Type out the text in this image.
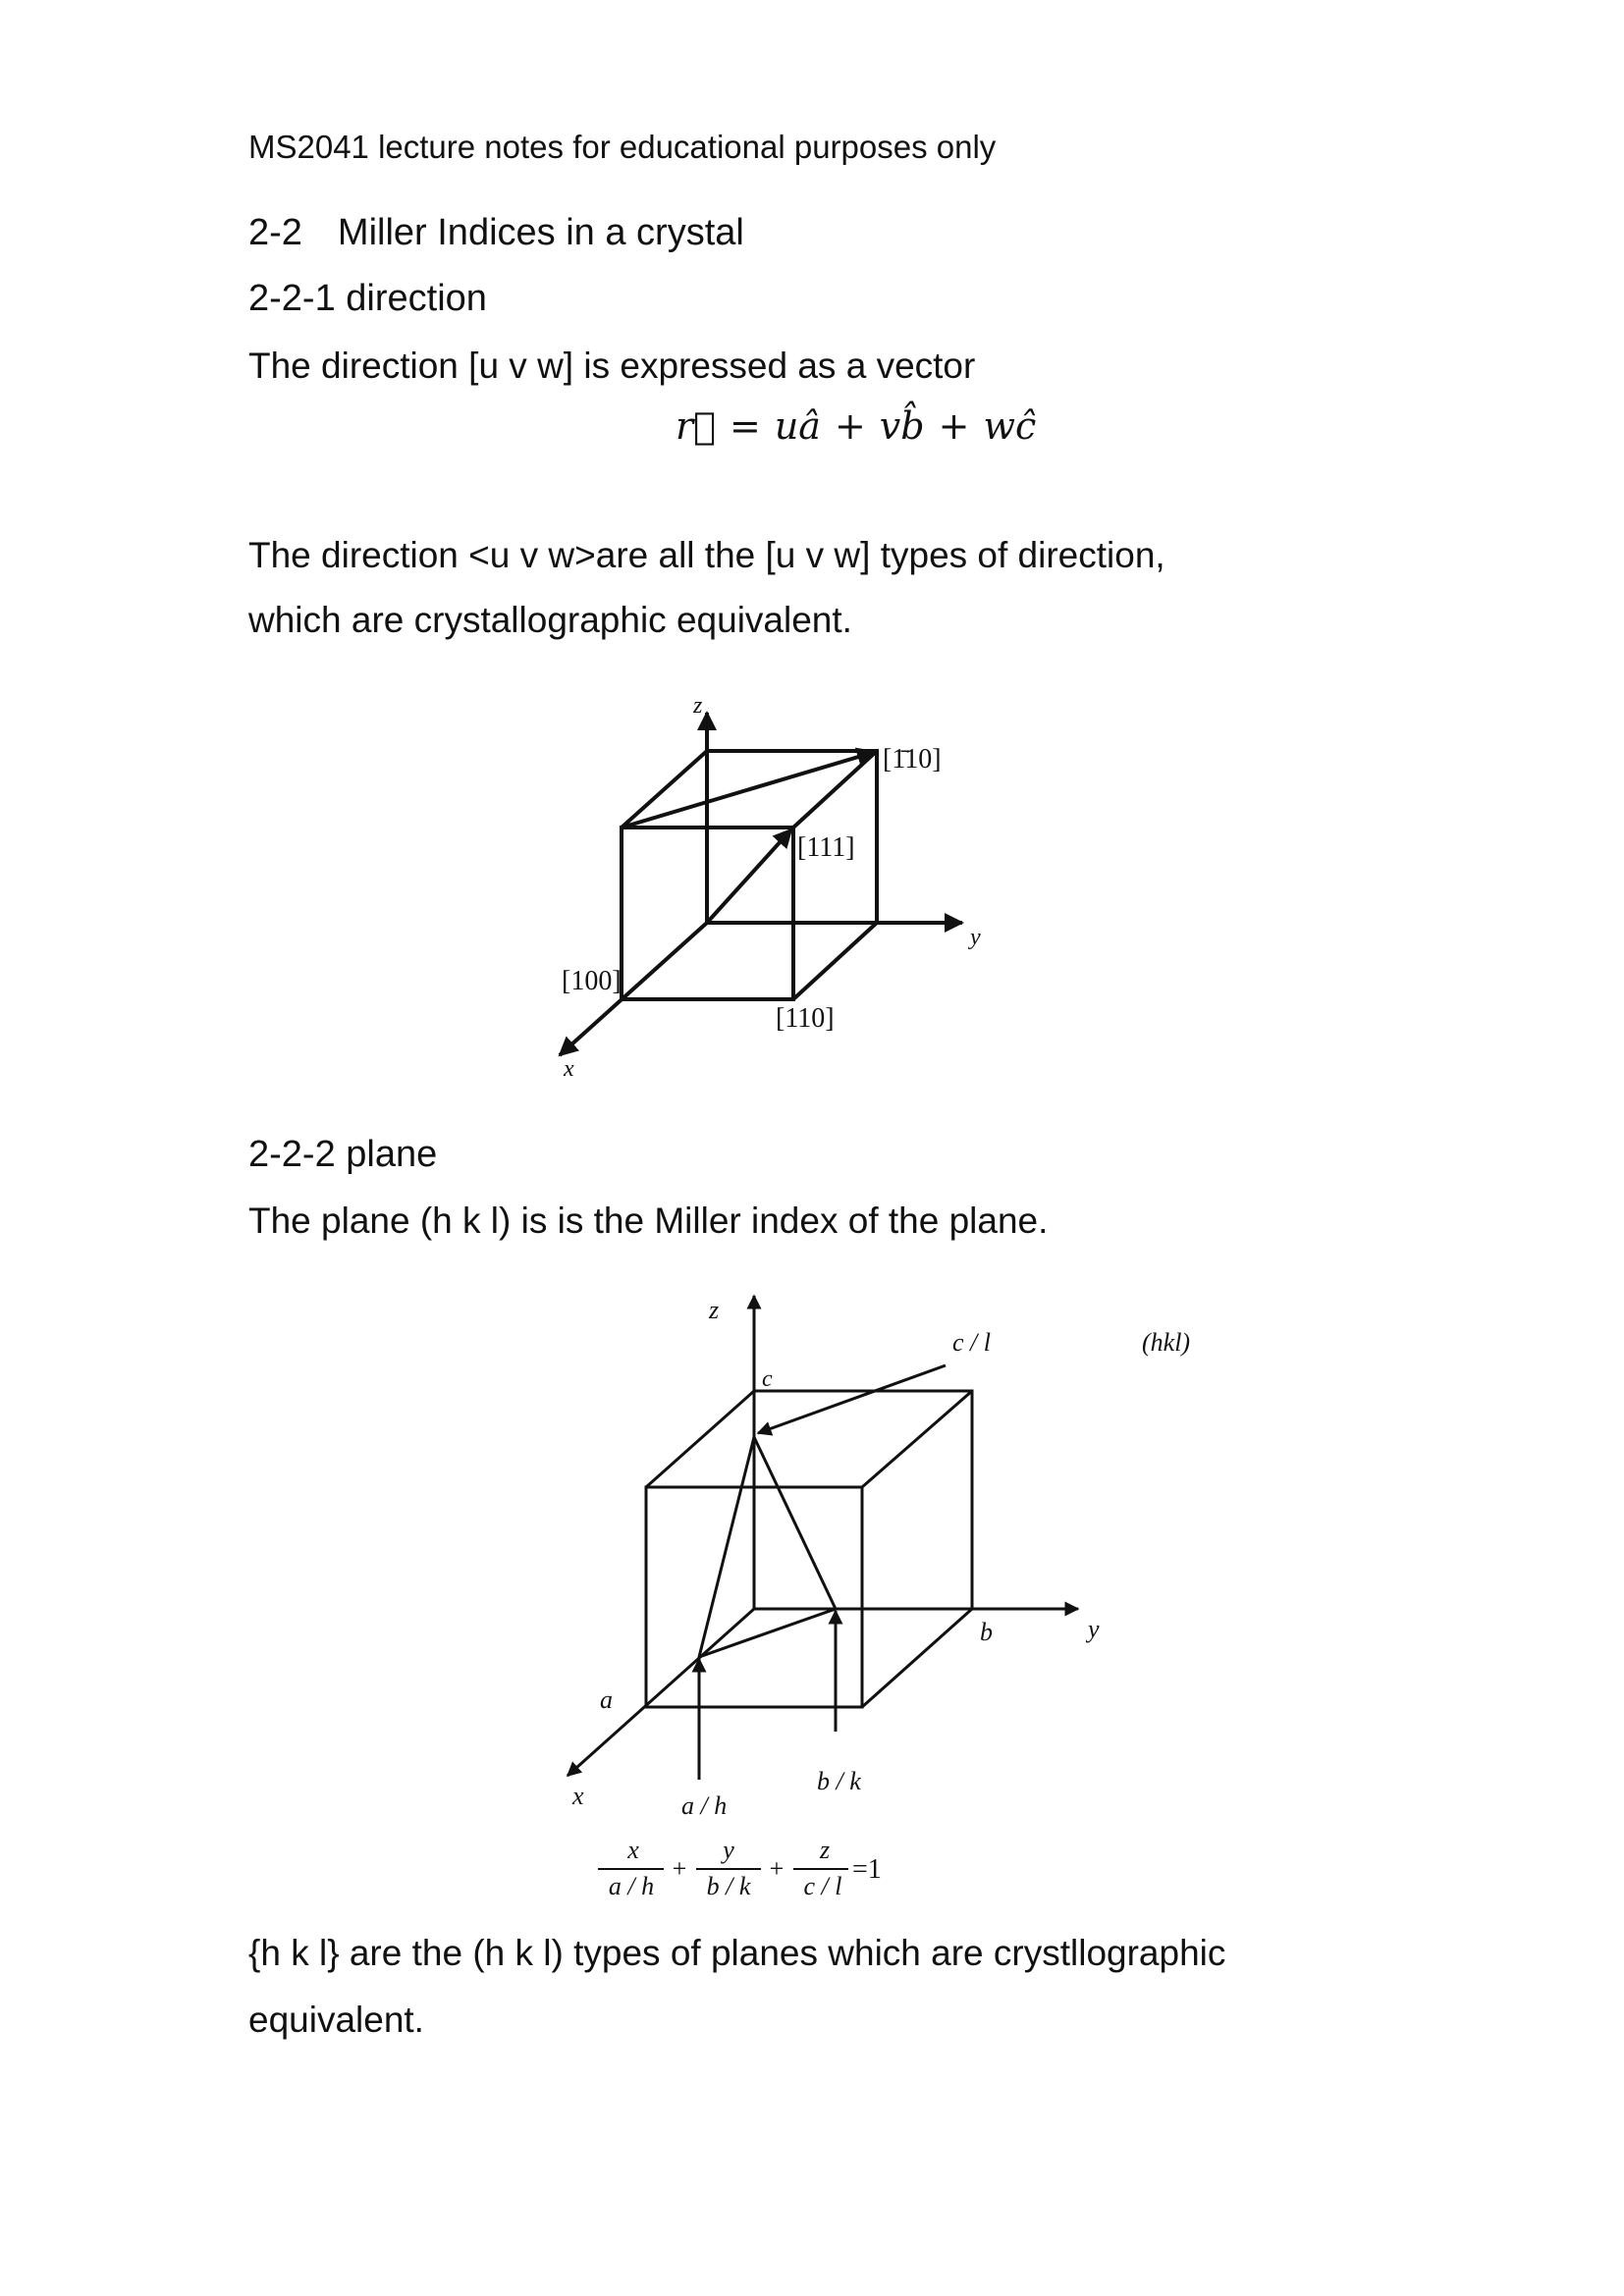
MS2041 lecture notes for educational purposes only
2-2 Miller Indices in a crystal
2-2-1 direction
The direction [u v w] is expressed as a vector
r⃗ = uâ + vb̂ + wĉ
The direction <u v w>are all the [u v w] types of direction,
which are crystallographic equivalent.
z
y
x
[1̄10]
[111]
[100]
[110]
z
y
x
c
b
a
c / l	(hkl)
a / h
b / k
x
a / h
+
y
b / k
+
z
c / l
=1
2-2-2 plane
The plane (h k l) is is the Miller index of the plane.
{h k l} are the (h k l) types of planes which are crystllographic
equivalent.
